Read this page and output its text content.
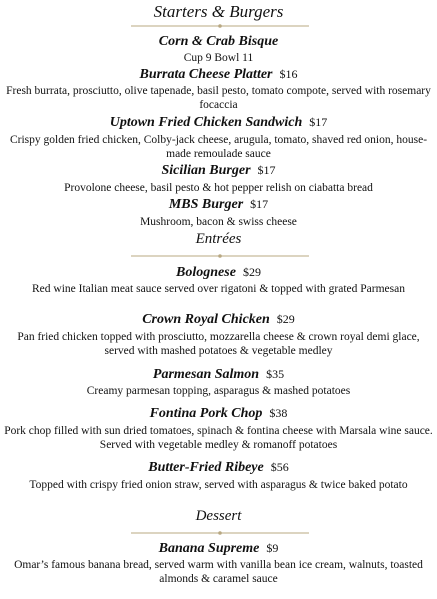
Starters & Burgers
Corn & Crab Bisque
Cup 9 Bowl 11
Burrata Cheese Platter $16
Fresh burrata, prosciutto, olive tapenade, basil pesto, tomato compote, served with rosemary focaccia
Uptown Fried Chicken Sandwich $17
Crispy golden fried chicken, Colby-jack cheese, arugula, tomato, shaved red onion, house-made remoulade sauce
Sicilian Burger $17
Provolone cheese, basil pesto & hot pepper relish on ciabatta bread
MBS Burger $17
Mushroom, bacon & swiss cheese
Entrées
Bolognese $29
Red wine Italian meat sauce served over rigatoni & topped with grated Parmesan
Crown Royal Chicken $29
Pan fried chicken topped with prosciutto, mozzarella cheese & crown royal demi glace, served with mashed potatoes & vegetable medley
Parmesan Salmon $35
Creamy parmesan topping, asparagus & mashed potatoes
Fontina Pork Chop $38
Pork chop filled with sun dried tomatoes, spinach & fontina cheese with Marsala wine sauce. Served with vegetable medley & romanoff potatoes
Butter-Fried Ribeye $56
Topped with crispy fried onion straw, served with asparagus & twice baked potato
Dessert
Banana Supreme $9
Omar’s famous banana bread, served warm with vanilla bean ice cream, walnuts, toasted almonds & caramel sauce
